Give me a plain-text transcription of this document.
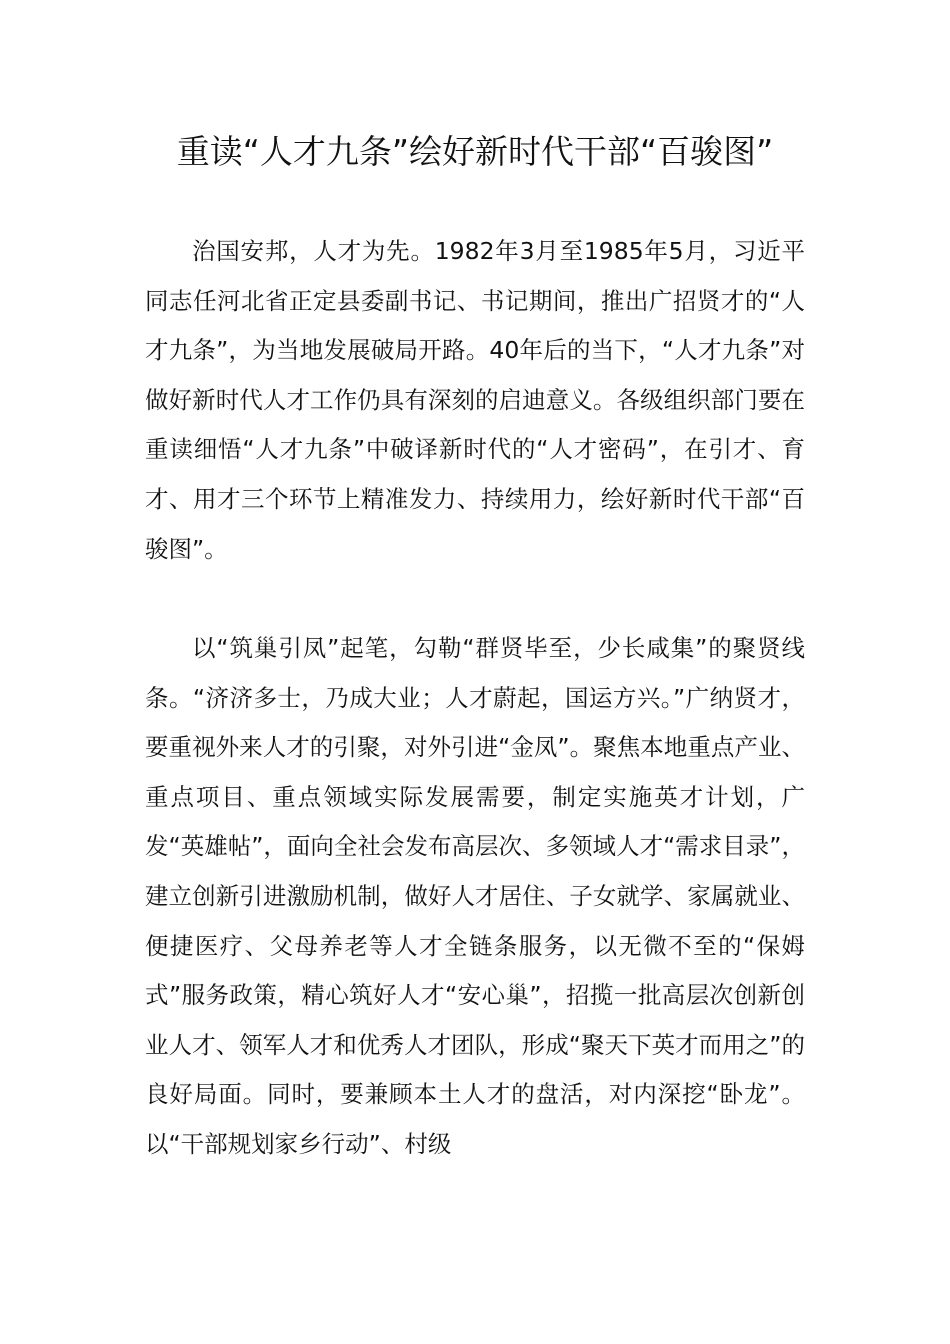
重读“人才九条”绘好新时代干部“百骏图”

治国安邦，人才为先。1982年3月至1985年5月，习近平同志任河北省正定县委副书记、书记期间，推出广招贤才的“人才九条”，为当地发展破局开路。40年后的当下，“人才九条”对做好新时代人才工作仍具有深刻的启迪意义。各级组织部门要在重读细悟“人才九条”中破译新时代的“人才密码”，在引才、育才、用才三个环节上精准发力、持续用力，绘好新时代干部“百骏图”。

以“筑巢引凤”起笔，勾勒“群贤毕至，少长咸集”的聚贤线条。“济济多士，乃成大业；人才蔚起，国运方兴。”广纳贤才，要重视外来人才的引聚，对外引进“金凤”。聚焦本地重点产业、重点项目、重点领域实际发展需要，制定实施英才计划，广发“英雄帖”，面向全社会发布高层次、多领域人才“需求目录”，建立创新引进激励机制，做好人才居住、子女就学、家属就业、便捷医疗、父母养老等人才全链条服务，以无微不至的“保姆式”服务政策，精心筑好人才“安心巢”，招揽一批高层次创新创业人才、领军人才和优秀人才团队，形成“聚天下英才而用之”的良好局面。同时，要兼顾本土人才的盘活，对内深挖“卧龙”。以“干部规划家乡行动”、村级
